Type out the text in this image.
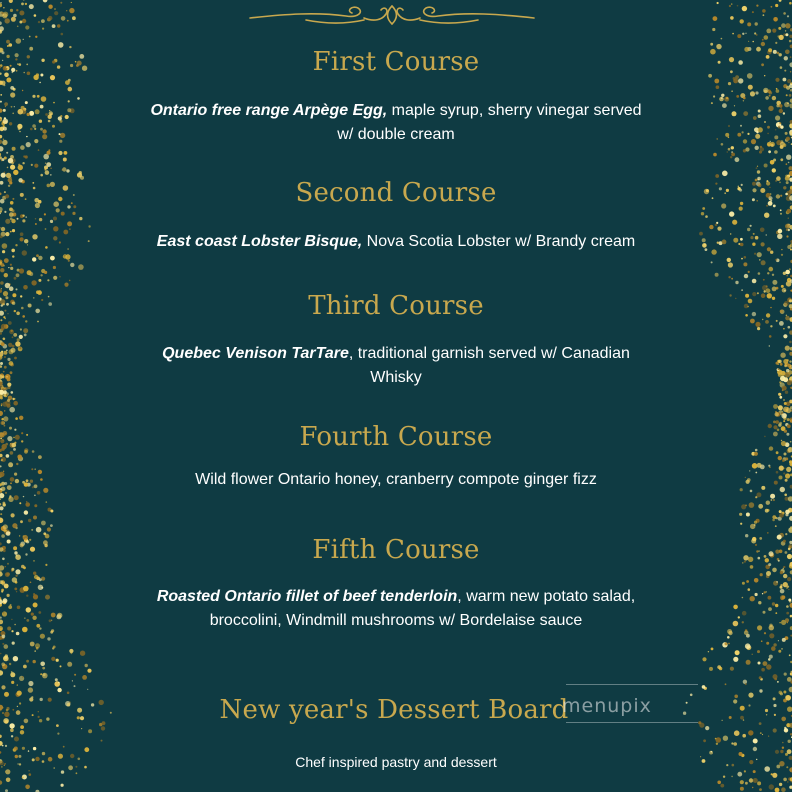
First Course
Ontario free range Arpège Egg, maple syrup, sherry vinegar served w/ double cream
Second Course
East coast Lobster Bisque, Nova Scotia Lobster w/ Brandy cream
Third Course
Quebec Venison TarTare, traditional garnish served w/ Canadian Whisky
Fourth Course
Wild flower Ontario honey, cranberry compote ginger fizz
Fifth Course
Roasted Ontario fillet of beef tenderloin, warm new potato salad, broccolini, Windmill mushrooms w/ Bordelaise sauce
New year's Dessert Board
Chef inspired pastry and dessert
menupix
